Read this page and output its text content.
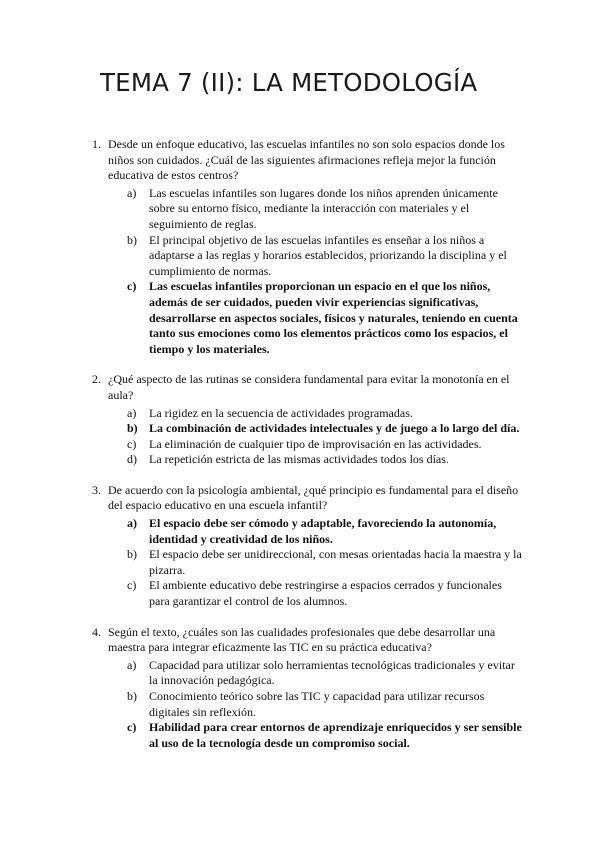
TEMA 7 (II): LA METODOLOGÍA
1. Desde un enfoque educativo, las escuelas infantiles no son solo espacios donde los niños son cuidados. ¿Cuál de las siguientes afirmaciones refleja mejor la función educativa de estos centros?

a)	Las escuelas infantiles son lugares donde los niños aprenden únicamente sobre su entorno físico, mediante la interacción con materiales y el seguimiento de reglas.
b)	El principal objetivo de las escuelas infantiles es enseñar a los niños a adaptarse a las reglas y horarios establecidos, priorizando la disciplina y el cumplimiento de normas.
c)	Las escuelas infantiles proporcionan un espacio en el que los niños, además de ser cuidados, pueden vivir experiencias significativas, desarrollarse en aspectos sociales, físicos y naturales, teniendo en cuenta tanto sus emociones como los elementos prácticos como los espacios, el tiempo y los materiales.
2. ¿Qué aspecto de las rutinas se considera fundamental para evitar la monotonía en el aula?

a)	La rigidez en la secuencia de actividades programadas.
b) La combinación de actividades intelectuales y de juego a lo largo del día.
c)	La eliminación de cualquier tipo de improvisación en las actividades.
d)	La repetición estricta de las mismas actividades todos los días.
3. De acuerdo con la psicología ambiental, ¿qué principio es fundamental para el diseño del espacio educativo en una escuela infantil?

a)	El espacio debe ser cómodo y adaptable, favoreciendo la autonomía, identidad y creatividad de los niños.
b)	El espacio debe ser unidireccional, con mesas orientadas hacia la maestra y la pizarra.
c)	El ambiente educativo debe restringirse a espacios cerrados y funcionales para garantizar el control de los alumnos.
4. Según el texto, ¿cuáles son las cualidades profesionales que debe desarrollar una maestra para integrar eficazmente las TIC en su práctica educativa?

a)	Capacidad para utilizar solo herramientas tecnológicas tradicionales y evitar la innovación pedagógica.
b)	Conocimiento teórico sobre las TIC y capacidad para utilizar recursos digitales sin reflexión.
c)	Habilidad para crear entornos de aprendizaje enriquecidos y ser sensible al uso de la tecnología desde un compromiso social.
